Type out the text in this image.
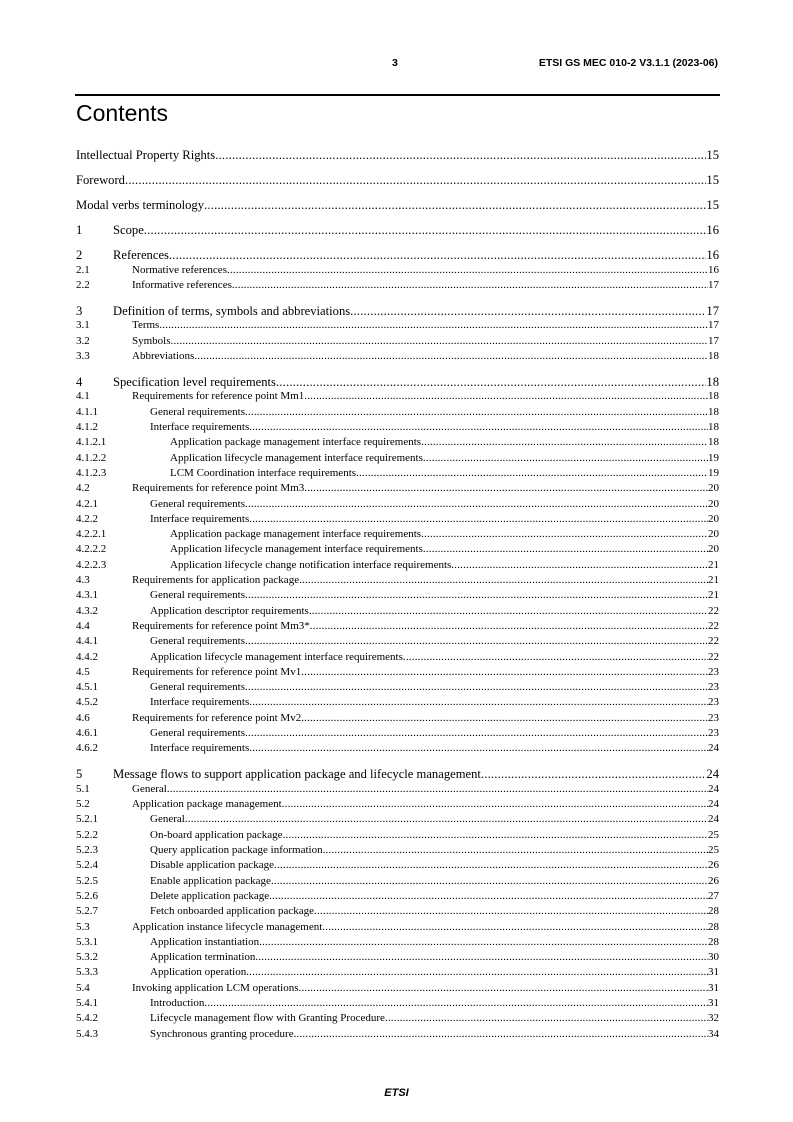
3	ETSI GS MEC 010-2 V3.1.1 (2023-06)
Contents
Intellectual Property Rights .....	15
Foreword .....	15
Modal verbs terminology .....	15
1 Scope .....	16
2 References .....	16
2.1	Normative references .....	16
2.2	Informative references .....	17
3 Definition of terms, symbols and abbreviations .....	17
3.1	Terms .....	17
3.2	Symbols .....	17
3.3	Abbreviations .....	18
4 Specification level requirements .....	18
4.1	Requirements for reference point Mm1 .....	18
4.1.1	General requirements .....	18
4.1.2	Interface requirements .....	18
4.1.2.1	Application package management interface requirements .....	18
4.1.2.2	Application lifecycle management interface requirements .....	19
4.1.2.3	LCM Coordination interface requirements .....	19
4.2	Requirements for reference point Mm3 .....	20
4.2.1	General requirements .....	20
4.2.2	Interface requirements .....	20
4.2.2.1	Application package management interface requirements .....	20
4.2.2.2	Application lifecycle management interface requirements .....	20
4.2.2.3	Application lifecycle change notification interface requirements .....	21
4.3	Requirements for application package .....	21
4.3.1	General requirements .....	21
4.3.2	Application descriptor requirements .....	22
4.4	Requirements for reference point Mm3* .....	22
4.4.1	General requirements .....	22
4.4.2	Application lifecycle management interface requirements .....	22
4.5	Requirements for reference point Mv1 .....	23
4.5.1	General requirements .....	23
4.5.2	Interface requirements .....	23
4.6	Requirements for reference point Mv2 .....	23
4.6.1	General requirements .....	23
4.6.2	Interface requirements .....	24
5 Message flows to support application package and lifecycle management .....	24
5.1	General .....	24
5.2	Application package management .....	24
5.2.1	General .....	24
5.2.2	On-board application package .....	25
5.2.3	Query application package information .....	25
5.2.4	Disable application package .....	26
5.2.5	Enable application package .....	26
5.2.6	Delete application package .....	27
5.2.7	Fetch onboarded application package .....	28
5.3	Application instance lifecycle management .....	28
5.3.1	Application instantiation .....	28
5.3.2	Application termination .....	30
5.3.3	Application operation .....	31
5.4	Invoking application LCM operations .....	31
5.4.1	Introduction .....	31
5.4.2	Lifecycle management flow with Granting Procedure .....	32
5.4.3	Synchronous granting procedure .....	34
ETSI
